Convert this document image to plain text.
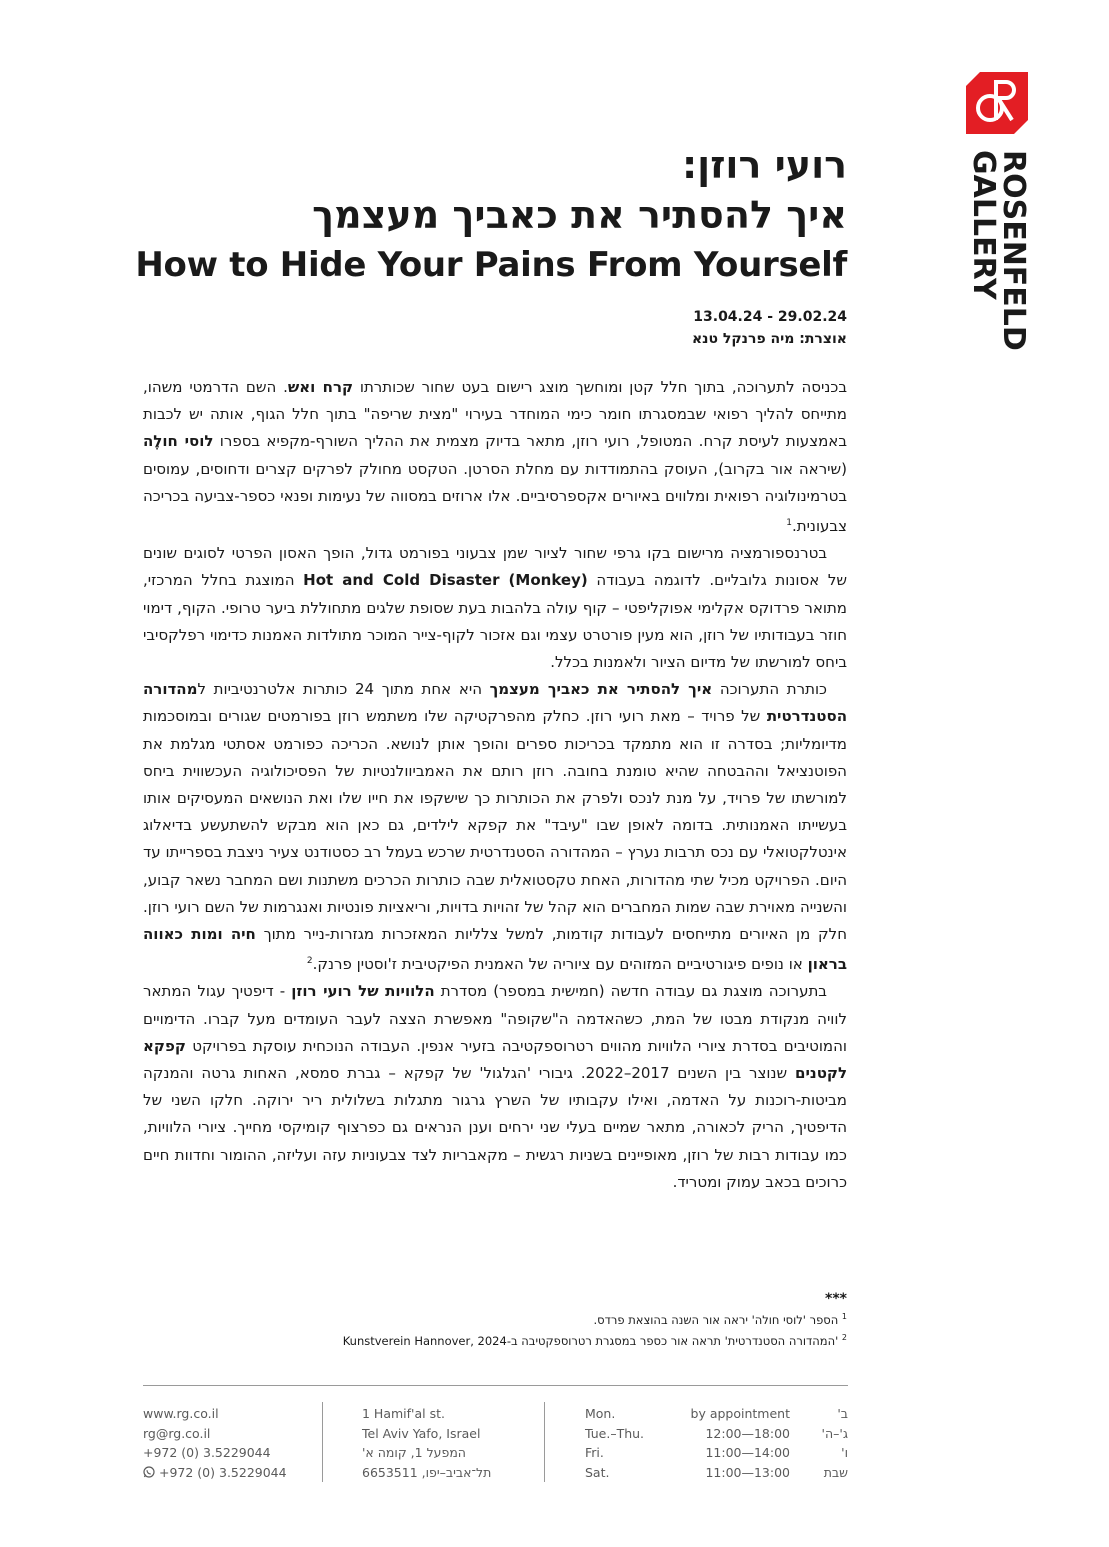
ROSENFELD
GALLERY

רועי רוזן:

איך להסתיר את כאביך מעצמך

How to Hide Your Pains From Yourself

13.04.24 - 29.02.24
אוצרת: מיה פרנקל טנא

בכניסה לתערוכה, בתוך חלל קטן ומוחשך מוצג רישום בעט שחור שכותרתו קרח ואש. השם הדרמטי משהו, מתייחס להליך רפואי שבמסגרתו חומר כימי המוחדר בעירוי "מצית שריפה" בתוך חלל הגוף, אותה יש לכבות באמצעות לעיסת קרח. המטופל, רועי רוזן, מתאר בדיוק מצמית את ההליך השורף-מקפיא בספרו לוסי חולֶה (שיראה אור בקרוב), העוסק בהתמודדות עם מחלת הסרטן. הטקסט מחולק לפרקים קצרים ודחוסים, עמוסים בטרמינולוגיה רפואית ומלווים באיורים אקספרסיביים. אלו ארוזים במסווה של נעימות ופנאי כספר-צביעה בכריכה צבעונית.$^1$

בטרנספורמציה מרישום בקו גרפי שחור לציור שמן צבעוני בפורמט גדול, הופך האסון הפרטי לסוגים שונים של אסונות גלובליים. לדוגמה בעבודה Hot and Cold Disaster (Monkey) המוצגת בחלל המרכזי, מתואר פרדוקס אקלימי אפוקליפטי – קוף עולה בלהבות בעת שסופת שלגים מתחוללת ביער טרופי. הקוף, דימוי חוזר בעבודותיו של רוזן, הוא מעין פורטרט עצמי וגם אזכור לקוף-צייר המוכר מתולדות האמנות כדימוי רפלקסיבי ביחס למורשתו של מדיום הציור ולאמנות בכלל.

כותרת התערוכה איך להסתיר את כאביך מעצמך היא אחת מתוך 24 כותרות אלטרנטיביות למהדורה הסטנדרטית של פרויד – מאת רועי רוזן. כחלק מהפרקטיקה שלו משתמש רוזן בפורמטים שגורים ובמוסכמות מדיומליות; בסדרה זו הוא מתמקד בכריכות ספרים והופך אותן לנושא. הכריכה כפורמט אסתטי מגלמת את הפוטנציאל וההבטחה שהיא טומנת בחובה. רוזן רותם את האמביוולנטיות של הפסיכולוגיה העכשווית ביחס למורשתו של פרויד, על מנת לנכס ולפרק את הכותרות כך שישקפו את חייו שלו ואת הנושאים המעסיקים אותו בעשייתו האמנותית. בדומה לאופן שבו "עיבד" את קפקא לילדים, גם כאן הוא מבקש להשתעשע בדיאלוג אינטלקטואלי עם נכס תרבות נערץ – המהדורה הסטנדרטית שרכש בעמל רב כסטודנט צעיר ניצבת בספרייתו עד היום. הפרויקט מכיל שתי מהדורות, האחת טקסטואלית שבה כותרות הכרכים משתנות ושם המחבר נשאר קבוע, והשנייה מאוירת שבה שמות המחברים הוא קהל של זהויות בדויות, וריאציות פונטיות ואנגרמות של השם רועי רוזן. חלק מן האיורים מתייחסים לעבודות קודמות, למשל צלליות המאזכרות מגזרות-נייר מתוך חיה ומות כאווה בראון או נופים פיגורטיביים המזוהים עם ציוריה של האמנית הפיקטיבית ז'וסטין פרנק.$^2$

בתערוכה מוצגת גם עבודה חדשה (חמישית במספר) מסדרת הלוויות של רועי רוזן - דיפטיך עגול המתאר לוויה מנקודת מבטו של המת, כשהאדמה ה"שקופה" מאפשרת הצצה לעבר העומדים מעל קברו. הדימויים והמוטיבים בסדרת ציורי הלוויות מהווים רטרוספקטיבה בזעיר אנפין. העבודה הנוכחית עוסקת בפרויקט קפקא לקטנים שנוצר בין השנים 2017–2022. גיבורי 'הגלגול' של קפקא – גברת סמסא, האחות גרטה והמנקה מביטות-רוכנות על האדמה, ואילו עקבותיו של השרץ גרגור מתגלות בשלולית ריר ירוקה. חלקו השני של הדיפטיך, הריק לכאורה, מתאר שמיים בעלי שני ירחים וענן הנראים גם כפרצוף קומיקסי מחייך. ציורי הלוויות, כמו עבודות רבות של רוזן, מאופיינים בשניות רגשית – מקאבריות לצד צבעוניות עזה ועליזה, ההומור וחדוות חיים כרוכים בכאב עמוק ומטריד.

***
$^1$ הספר 'לוסי חולה' יראה אור השנה בהוצאת פרדס.
$^2$ 'המהדורה הסטנדרטית' תראה אור כספר במסגרת רטרוספקטיבה ב-Kunstverein Hannover, 2024
www.rg.co.il
rg@rg.co.il
+972 (0) 3.5229044
+972 (0) 3.5229044
1 Hamif'al st.
Tel Aviv Yafo, Israel
המפעל 1, קומה א'
תל־אביב–יפו, 6653511
Mon.
Tue.–Thu.
Fri.
Sat.
by appointment
12:00—18:00
11:00—14:00
11:00—13:00
ב'
ג'–ה'
ו'
שבת
